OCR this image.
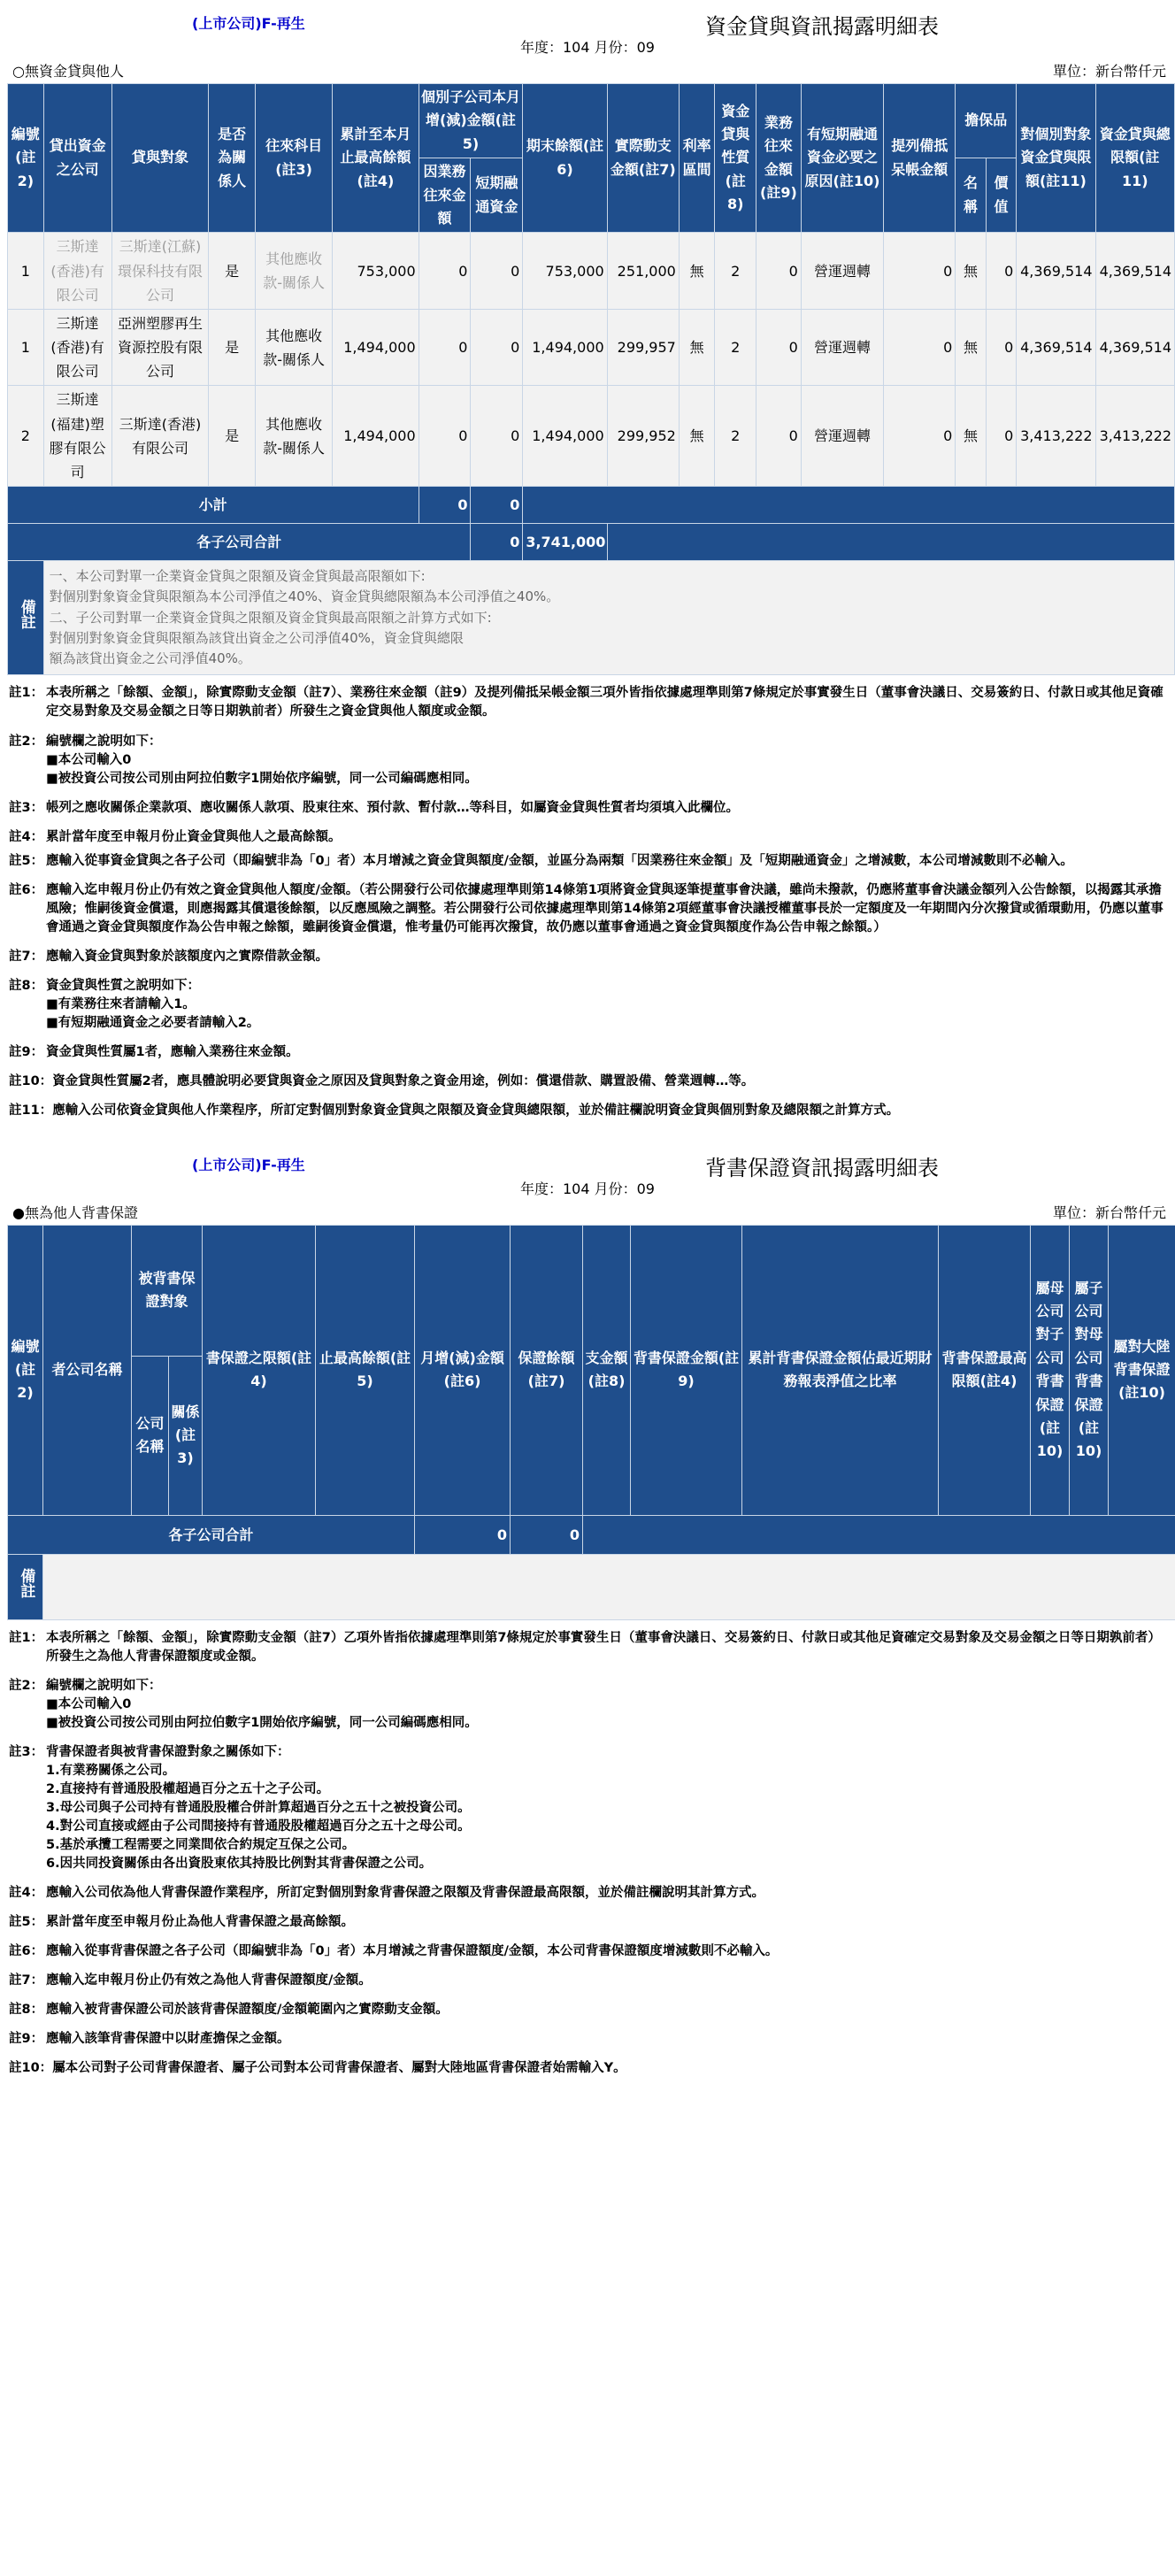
(上市公司)F-再生	資金貸與資訊揭露明細表
年度：104 月份：09
○無資金貸與他人	單位：新台幣仟元
編號(註2)	貸出資金之公司	貸與對象	是否為關係人	往來科目(註3)	累計至本月止最高餘額(註4)	個別子公司本月增(減)金額(註5)		期末餘額(註6)	實際動支金額(註7)	利率區間	資金貸與性質(註8)	業務往來金額(註9)	有短期融通資金必要之原因(註10)	提列備抵呆帳金額	擔保品		對個別對象資金貸與限額(註11)	資金貸與總限額(註11)
						因業務往來金額	短期融通資金								名稱	價值		

1	三斯達(香港)有限公司	三斯達(江蘇)環保科技有限公司	是	其他應收款-關係人	753,000	0	0	753,000	251,000	無	2	0	營運週轉	0	無	0	4,369,514	4,369,514
1	三斯達(香港)有限公司	亞洲塑膠再生資源控股有限公司	是	其他應收款-關係人	1,494,000	0	0	1,494,000	299,957	無	2	0	營運週轉	0	無	0	4,369,514	4,369,514
2	三斯達(福建)塑膠有限公司	三斯達(香港)有限公司	是	其他應收款-關係人	1,494,000	0	0	1,494,000	299,952	無	2	0	營運週轉	0	無	0	3,413,222	3,413,222
小計						0	0											
各子公司合計							0	3,741,000										
備註	一、本公司對單一企業資金貸與之限額及資金貸與最高限額如下:
對個別對象資金貸與限額為本公司淨值之40%、資金貸與總限額為本公司淨值之40%。
二、子公司對單一企業資金貸與之限額及資金貸與最高限額之計算方式如下:
對個別對象資金貸與限額為該貸出資金之公司淨值40%，資金貸與總限
額為該貸出資金之公司淨值40%。																	
註1： 本表所稱之「餘額、金額」，除實際動支金額（註7）、業務往來金額（註9）及提列備抵呆帳金額三項外皆指依據處理準則第7條規定於事實發生日（董事會決議日、交易簽約日、付款日或其他足資確定交易對象及交易金額之日等日期孰前者）所發生之資金貸與他人額度或金額。
註2： 編號欄之說明如下：
■本公司輸入0
■被投資公司按公司別由阿拉伯數字1開始依序編號，同一公司編碼應相同。
註3： 帳列之應收關係企業款項、應收關係人款項、股東往來、預付款、暫付款…等科目，如屬資金貸與性質者均須填入此欄位。
註4： 累計當年度至申報月份止資金貸與他人之最高餘額。
註5： 應輸入從事資金貸與之各子公司（即編號非為「0」者）本月增減之資金貸與額度/金額，並區分為兩類「因業務往來金額」及「短期融通資金」之增減數，本公司增減數則不必輸入。
註6： 應輸入迄申報月份止仍有效之資金貸與他人額度/金額。（若公開發行公司依據處理準則第14條第1項將資金貸與逐筆提董事會決議，雖尚未撥款，仍應將董事會決議金額列入公告餘額，以揭露其承擔風險；惟嗣後資金償還，則應揭露其償還後餘額，以反應風險之調整。若公開發行公司依據處理準則第14條第2項經董事會決議授權董事長於一定額度及一年期間內分次撥貸或循環動用，仍應以董事會通過之資金貸與額度作為公告申報之餘額，雖嗣後資金償還，惟考量仍可能再次撥貸，故仍應以董事會通過之資金貸與額度作為公告申報之餘額。）
註7： 應輸入資金貸與對象於該額度內之實際借款金額。
註8： 資金貸與性質之說明如下：
■有業務往來者請輸入1。
■有短期融通資金之必要者請輸入2。
註9： 資金貸與性質屬1者，應輸入業務往來金額。
註10： 資金貸與性質屬2者，應具體說明必要貸與資金之原因及貸與對象之資金用途，例如：償還借款、購置設備、營業週轉…等。
註11： 應輸入公司依資金貸與他人作業程序，所訂定對個別對象資金貸與之限額及資金貸與總限額，並於備註欄說明資金貸與個別對象及總限額之計算方式。
(上市公司)F-再生	背書保證資訊揭露明細表
年度：104 月份：09
●無為他人背書保證	單位：新台幣仟元
編號(註2)	者公司名稱	被背書保證對象		書保證之限額(註4)	止最高餘額(註5)	月增(減)金額(註6)	保證餘額(註7)	支金額(註8)	背書保證金額(註9)	累計背書保證金額佔最近期財務報表淨值之比率	背書保證最高限額(註4)	屬母公司對子公司背書保證(註10)	屬子公司對母公司背書保證(註10)	屬對大陸背書保證(註10)
		公司名稱	關係(註3)											
各子公司合計						0	0							
備註														
註1： 本表所稱之「餘額、金額」，除實際動支金額（註7）乙項外皆指依據處理準則第7條規定於事實發生日（董事會決議日、交易簽約日、付款日或其他足資確定交易對象及交易金額之日等日期孰前者）所發生之為他人背書保證額度或金額。
註2： 編號欄之說明如下：
■本公司輸入0
■被投資公司按公司別由阿拉伯數字1開始依序編號，同一公司編碼應相同。
註3： 背書保證者與被背書保證對象之關係如下：
1.有業務關係之公司。
2.直接持有普通股股權超過百分之五十之子公司。
3.母公司與子公司持有普通股股權合併計算超過百分之五十之被投資公司。
4.對公司直接或經由子公司間接持有普通股股權超過百分之五十之母公司。
5.基於承攬工程需要之同業間依合約規定互保之公司。
6.因共同投資關係由各出資股東依其持股比例對其背書保證之公司。
註4： 應輸入公司依為他人背書保證作業程序，所訂定對個別對象背書保證之限額及背書保證最高限額，並於備註欄說明其計算方式。
註5： 累計當年度至申報月份止為他人背書保證之最高餘額。
註6： 應輸入從事背書保證之各子公司（即編號非為「0」者）本月增減之背書保證額度/金額，本公司背書保證額度增減數則不必輸入。
註7： 應輸入迄申報月份止仍有效之為他人背書保證額度/金額。
註8： 應輸入被背書保證公司於該背書保證額度/金額範圍內之實際動支金額。
註9： 應輸入該筆背書保證中以財產擔保之金額。
註10： 屬本公司對子公司背書保證者、屬子公司對本公司背書保證者、屬對大陸地區背書保證者始需輸入Y。
